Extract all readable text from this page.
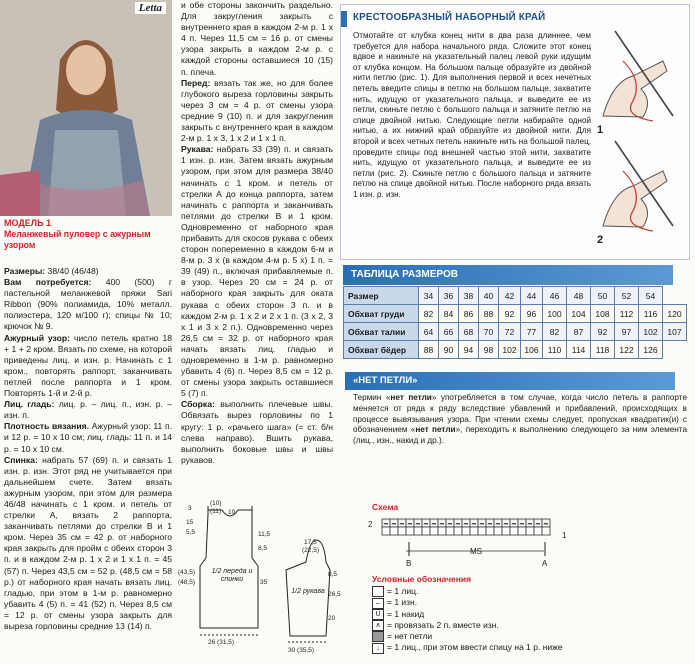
Letta
МОДЕЛЬ 1
Меланжевый пуловер с ажурным узором

Размеры: 38/40 (46/48)

Вам потребуется: 400 (500) г пастельной меланжевой пряжи Sari Ribbon (90% полиамида, 10% металл. полиэстера, 120 м/100 г); спицы № 10; крючок № 9.

Ажурный узор: число петель кратно 18 + 1 + 2 кром. Вязать по схеме, на которой приведены лиц. и изн. р. Начинать с 1 кром., повторять раппорт, заканчивать петлей после раппорта и 1 кром. Повторять 1-й и 2-й р.

Лиц. гладь: лиц. р. – лиц. п., изн. р. – изн. п.

Плотность вязания. Ажурный узор: 11 п. и 12 р. = 10 х 10 см; лиц. гладь: 11 п. и 14 р. = 10 х 10 см.

Спинка: набрать 57 (69) п. и связать 1 изн. р. изн. Этот ряд не учитывается при дальнейшем счете. Затем вязать ажурным узором, при этом для размера 46/48 начинать с 1 кром. и петель от стрелки А, вязать 2 раппорта, заканчивать петлями до стрелки В и 1 кром. Через 35 см = 42 р. от наборного края закрыть для пройм с обеих сторон 3 п. и в каждом 2-м р. 1 х 2 и 1 х 1 п. = 45 (57) п. Через 43,5 см = 52 р. (48,5 см = 58 р.) от наборного края начать вязать лиц. гладью, при этом в 1-м р. равномерно убавить 4 (5) п. = 41 (52) п. Через 8,5 см = 12 р. от смены узора закрыть для выреза горловины средние 13 (14) п.

и обе стороны закончить раздельно. Для закругления закрыть с внутреннего края в каждом 2-м р. 1 х 4 п. Через 11,5 см = 16 р. от смены узора закрыть в каждом 2-м р. с каждой стороны оставшиеся 10 (15) п. плеча.

Перед: вязать так же, но для более глубокого выреза горловины закрыть через 3 см = 4 р. от смены узора средние 9 (10) п. и для закругления закрыть с внутреннего края в каждом 2-м р. 1 х 3, 1 х 2 и 1 х 1 п.

Рукава: набрать 33 (39) п. и связать 1 изн. р. изн. Затем вязать ажурным узором, при этом для размера 38/40 начинать с 1 кром. и петель от стрелки А до конца раппорта, затем начинать с раппорта и заканчивать петлями до стрелки В и 1 кром. Одновременно от наборного края прибавить для скосов рукава с обеих сторон попеременно в каждом 6-м и 8-м р. 3 х (в каждом 4-м р. 5 х) 1 п. = 39 (49) п., включая прибавляемые п. в узор. Через 20 см = 24 р. от наборного края закрыть для оката рукава с обеих сторон 3 п. и в каждом 2-м р. 1 х 2 и 2 х 1 п. (3 х 2, 3 х 1 и 3 х 2 п.). Одновременно через 26,5 см = 32 р. от наборного края начать вязать лиц. гладью и одновременно в 1-м р. равномерно убавить 4 (6) п. Через 8,5 см = 12 р. от смены узора закрыть оставшиеся 5 (7) п.

Сборка: выполнить плечевые швы. Обвязать вырез горловины по 1 кругу: 1 р. «рачьего шага» (= ст. б/н слева направо). Вшить рукава, выполнить боковые швы и швы рукавов.

3
(10)
(11) 10
15
5,5	11,5
8,5
(43,5)
(48,5)	35
26 (31,5)
17,5
(22,5)
8,5
26,5
20
30 (35,5)
1/2 переда и спинки
1/2 рукава
КРЕСТООБРАЗНЫЙ НАБОРНЫЙ КРАЙ
Отмотайте от клубка конец нити в два раза длиннее, чем требуется для набора начального ряда. Сложите этот конец вдвое и накиньте на указательный палец левой руки идущим от клубка концом. На большом пальце образуйте из двойной нити петлю (рис. 1). Для выполнения первой и всех нечетных петель введите спицы в петлю на большом пальце, захватите нить, идущую от указательного пальца, и выведите ее из петли, скиньте петлю с большого пальца и затяните петлю на спице двойной нитью. Следующие петли набирайте одной нитью, а их нижний край образуйте из двойной нити. Для второй и всех четных петель накиньте нить на большой палец, проведите спицы под внешней частью этой нити, захватите нить, идущую от указательного пальца, и выведите ее из петли (рис. 2). Скиньте петлю с большого пальца и затяните петлю на спице двойной нитью. После наборного ряда вязать 1 изн. р. изн.
1
2
ТАБЛИЦА РАЗМЕРОВ
Размер	34	36	38	40	42	44	46	48	50	52	54	
Обхват груди	82	84	86	88	92	96	100	104	108	112	116	120
Обхват талии	64	66	68	70	72	77	82	87	92	97	102	107
Обхват бёдер	88	90	94	98	102	106	110	114	118	122	126	
«НЕТ ПЕТЛИ»
Термин «нет петли» употребляется в том случае, когда число петель в раппорте меняется от ряда к ряду вследствие убавлений и прибавлений, происходящих в процессе вывязывания узора. При чтении схемы следует, пропуская квадратик(и) с обозначением «нет петли», переходить к выполнению следующего за ним элемента (лиц., изн., накид и др.).
Схема
2
1
– – – – – – – – – – – – – – – – – – – – –
MS
B	A
Условные обозначения
= 1 лиц.
– = 1 изн.
U = 1 накид
∧ = провязать 2 п. вместе изн.
= нет петли
↓ = 1 лиц., при этом ввести спицу на 1 р. ниже
